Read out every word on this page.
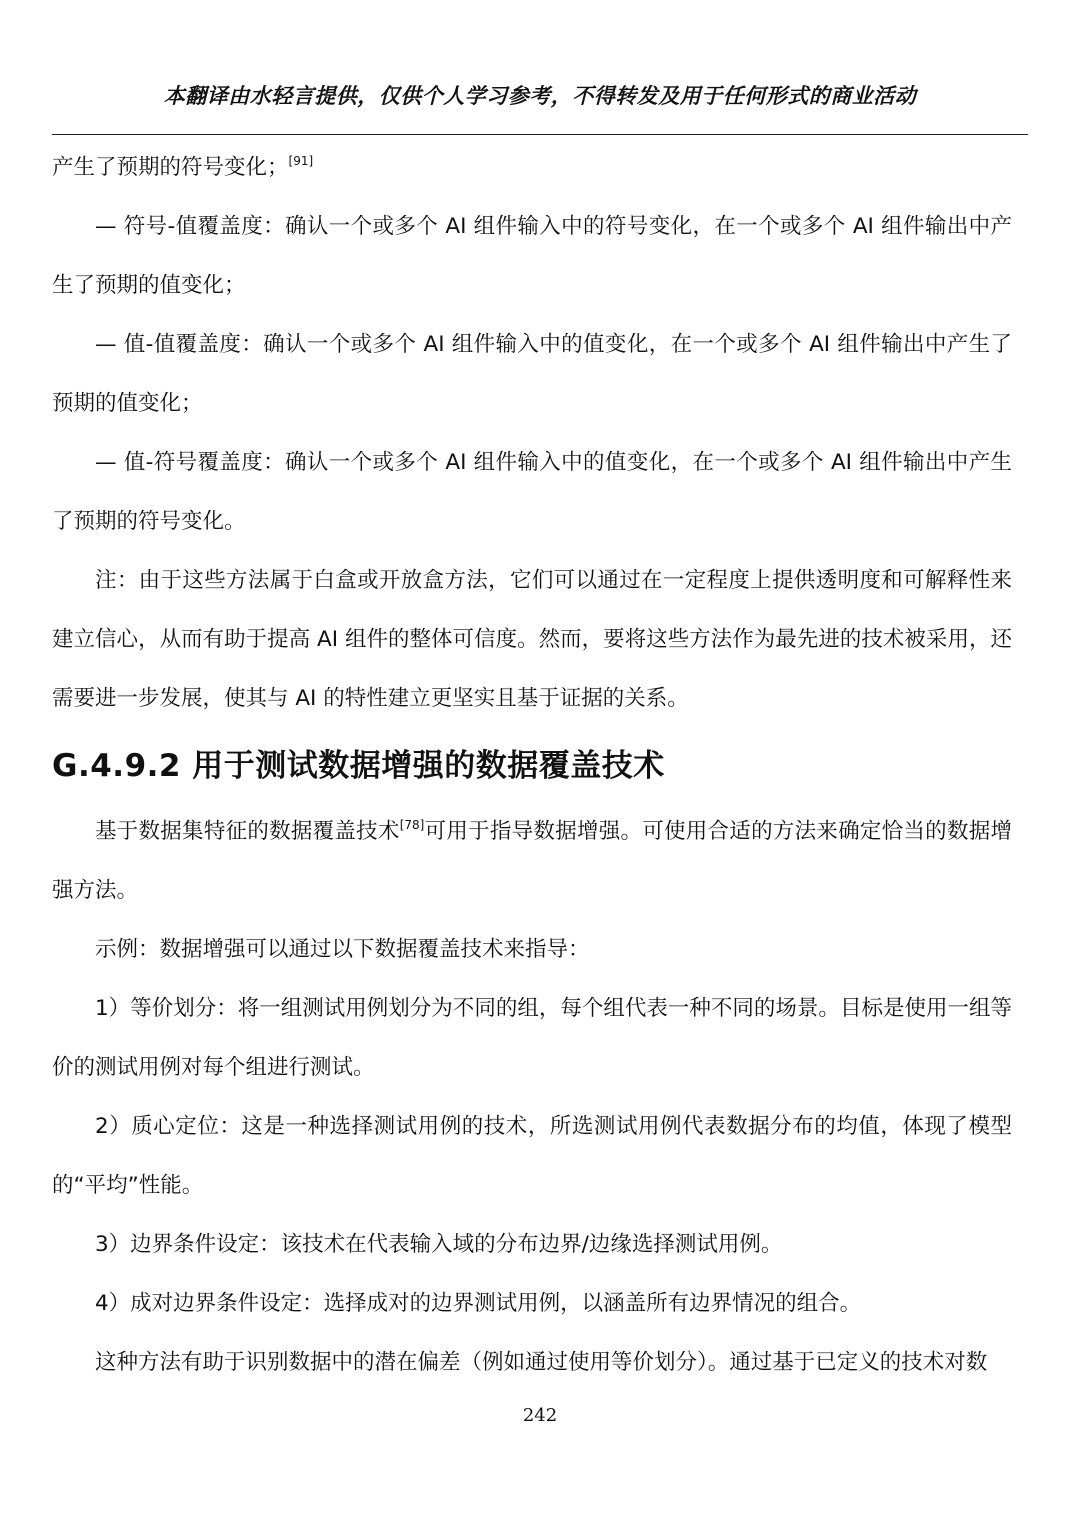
本翻译由水轻言提供，仅供个人学习参考，不得转发及用于任何形式的商业活动

产生了预期的符号变化；[91]

— 符号-值覆盖度：确认一个或多个 AI 组件输入中的符号变化，在一个或多个 AI 组件输出中产生了预期的值变化；

— 值-值覆盖度：确认一个或多个 AI 组件输入中的值变化，在一个或多个 AI 组件输出中产生了预期的值变化；

— 值-符号覆盖度：确认一个或多个 AI 组件输入中的值变化，在一个或多个 AI 组件输出中产生了预期的符号变化。

注：由于这些方法属于白盒或开放盒方法，它们可以通过在一定程度上提供透明度和可解释性来建立信心，从而有助于提高 AI 组件的整体可信度。然而，要将这些方法作为最先进的技术被采用，还需要进一步发展，使其与 AI 的特性建立更坚实且基于证据的关系。

G.4.9.2 用于测试数据增强的数据覆盖技术

基于数据集特征的数据覆盖技术[78]可用于指导数据增强。可使用合适的方法来确定恰当的数据增强方法。

示例：数据增强可以通过以下数据覆盖技术来指导：

1）等价划分：将一组测试用例划分为不同的组，每个组代表一种不同的场景。目标是使用一组等价的测试用例对每个组进行测试。

2）质心定位：这是一种选择测试用例的技术，所选测试用例代表数据分布的均值，体现了模型的“平均”性能。

3）边界条件设定：该技术在代表输入域的分布边界/边缘选择测试用例。

4）成对边界条件设定：选择成对的边界测试用例，以涵盖所有边界情况的组合。

这种方法有助于识别数据中的潜在偏差（例如通过使用等价划分）。通过基于已定义的技术对数

242
